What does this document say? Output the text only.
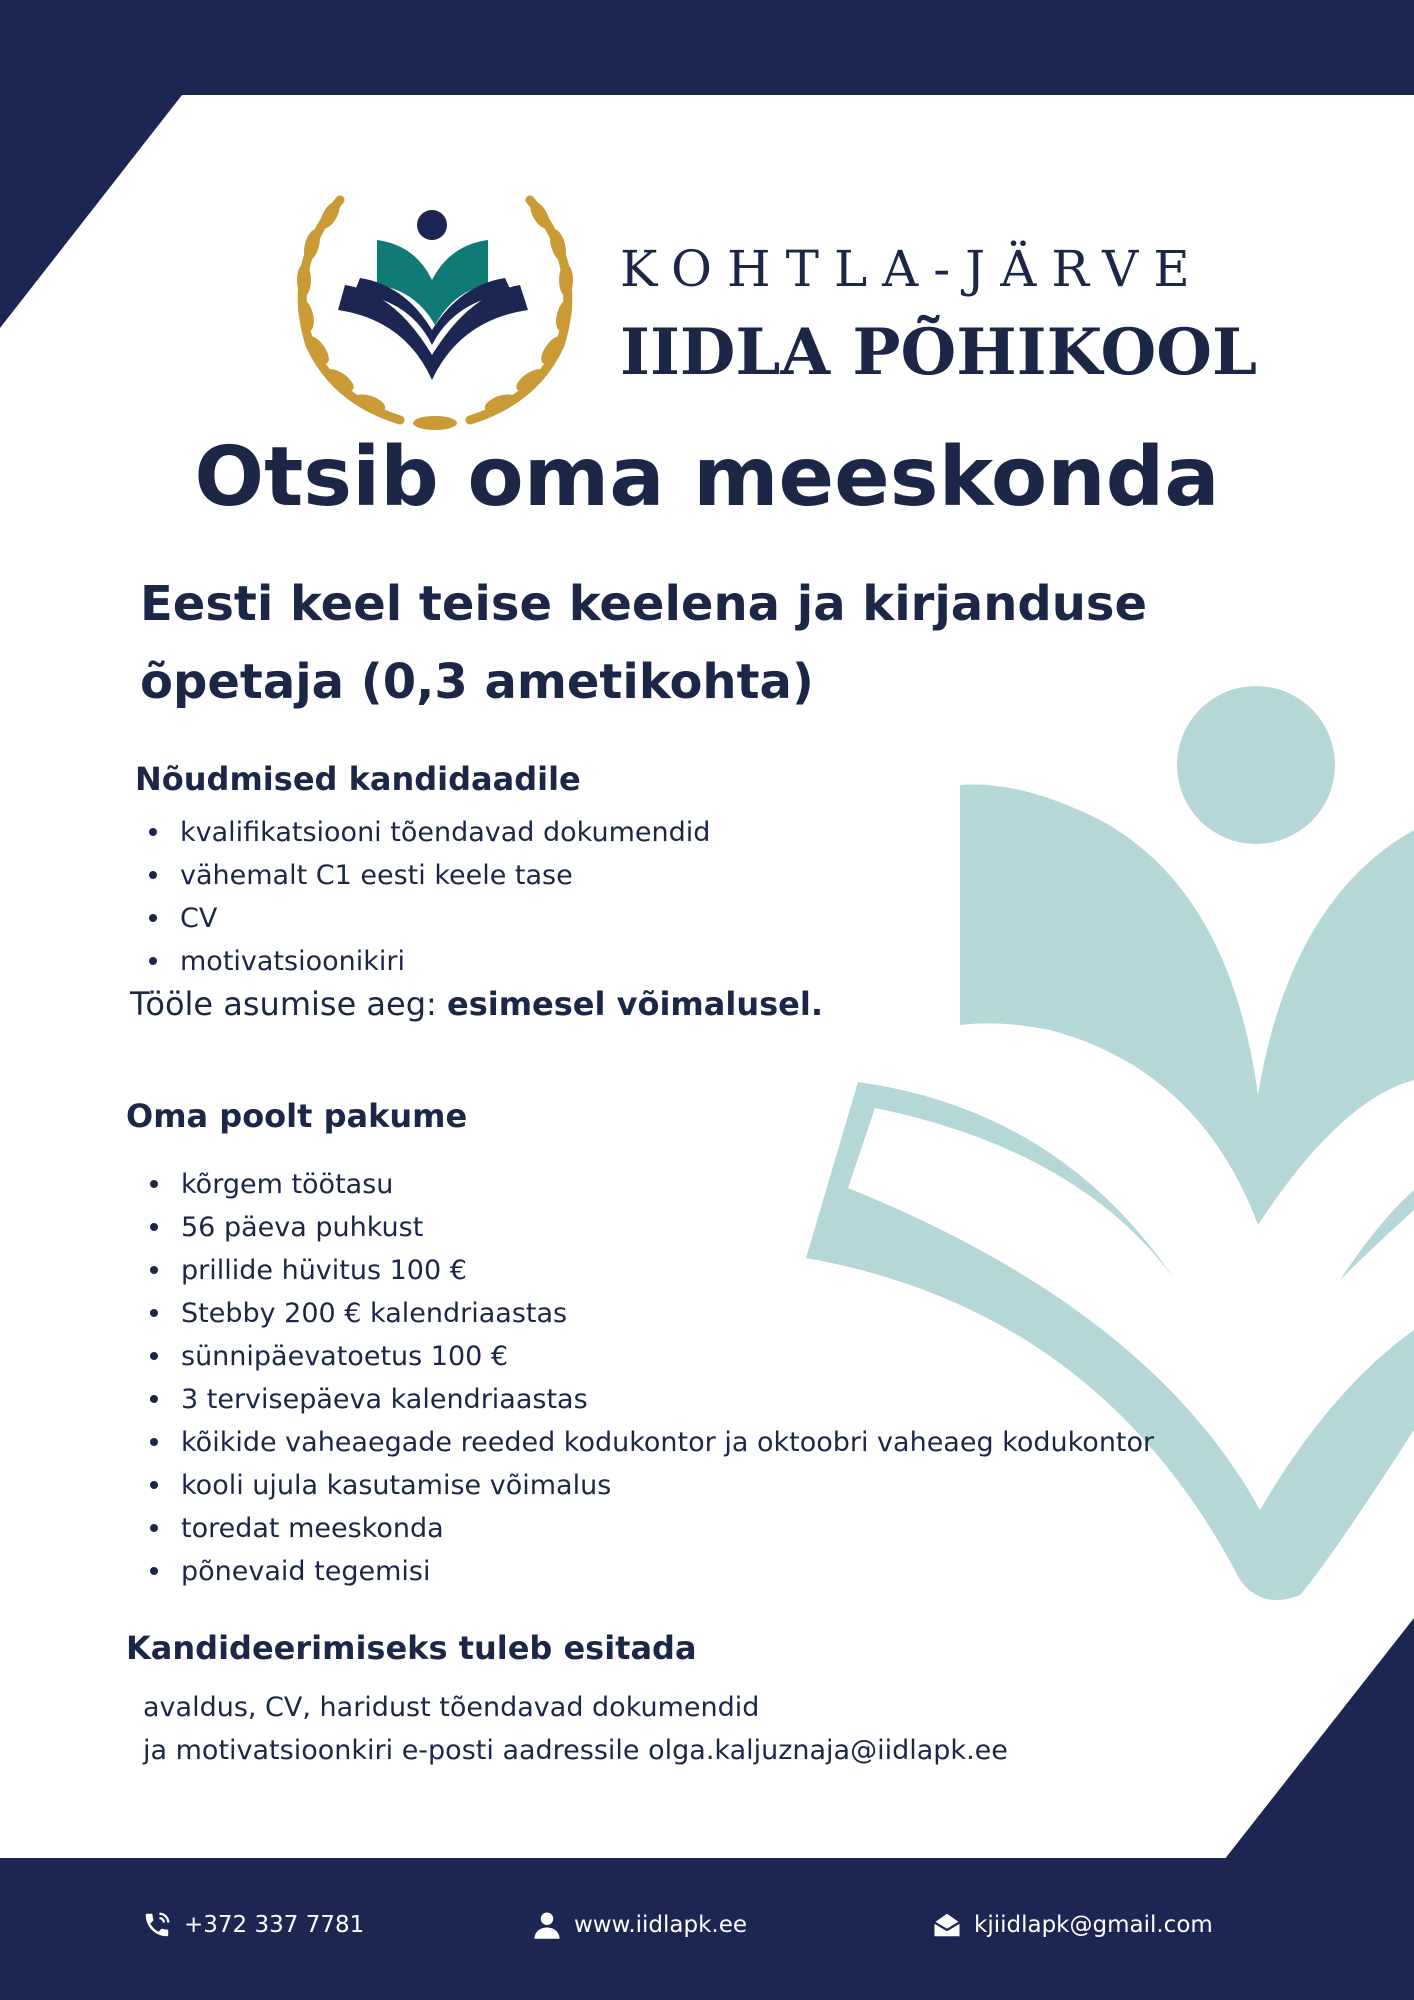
KOHTLA-JÄRVE
IIDLA PÕHIKOOL
Otsib oma meeskonda
Eesti keel teise keelena ja kirjanduse õpetaja (0,3 ametikohta)
Nõudmised kandidaadile
kvalifikatsiooni tõendavad dokumendid
vähemalt C1 eesti keele tase
CV
motivatsioonikiri
Tööle asumise aeg: esimesel võimalusel.
Oma poolt pakume
kõrgem töötasu
56 päeva puhkust
prillide hüvitus 100 €
Stebby 200 € kalendriaastas
sünnipäevatoetus 100 €
3 tervisepäeva kalendriaastas
kõikide vaheaegade reeded kodukontor ja oktoobri vaheaeg kodukontor
kooli ujula kasutamise võimalus
toredat meeskonda
põnevaid tegemisi
Kandideerimiseks tuleb esitada
avaldus, CV, haridust tõendavad dokumendid
ja motivatsioonkiri e-posti aadressile olga.kaljuznaja@iidlapk.ee
+372 337 7781	www.iidlapk.ee	kjiidlapk@gmail.com
